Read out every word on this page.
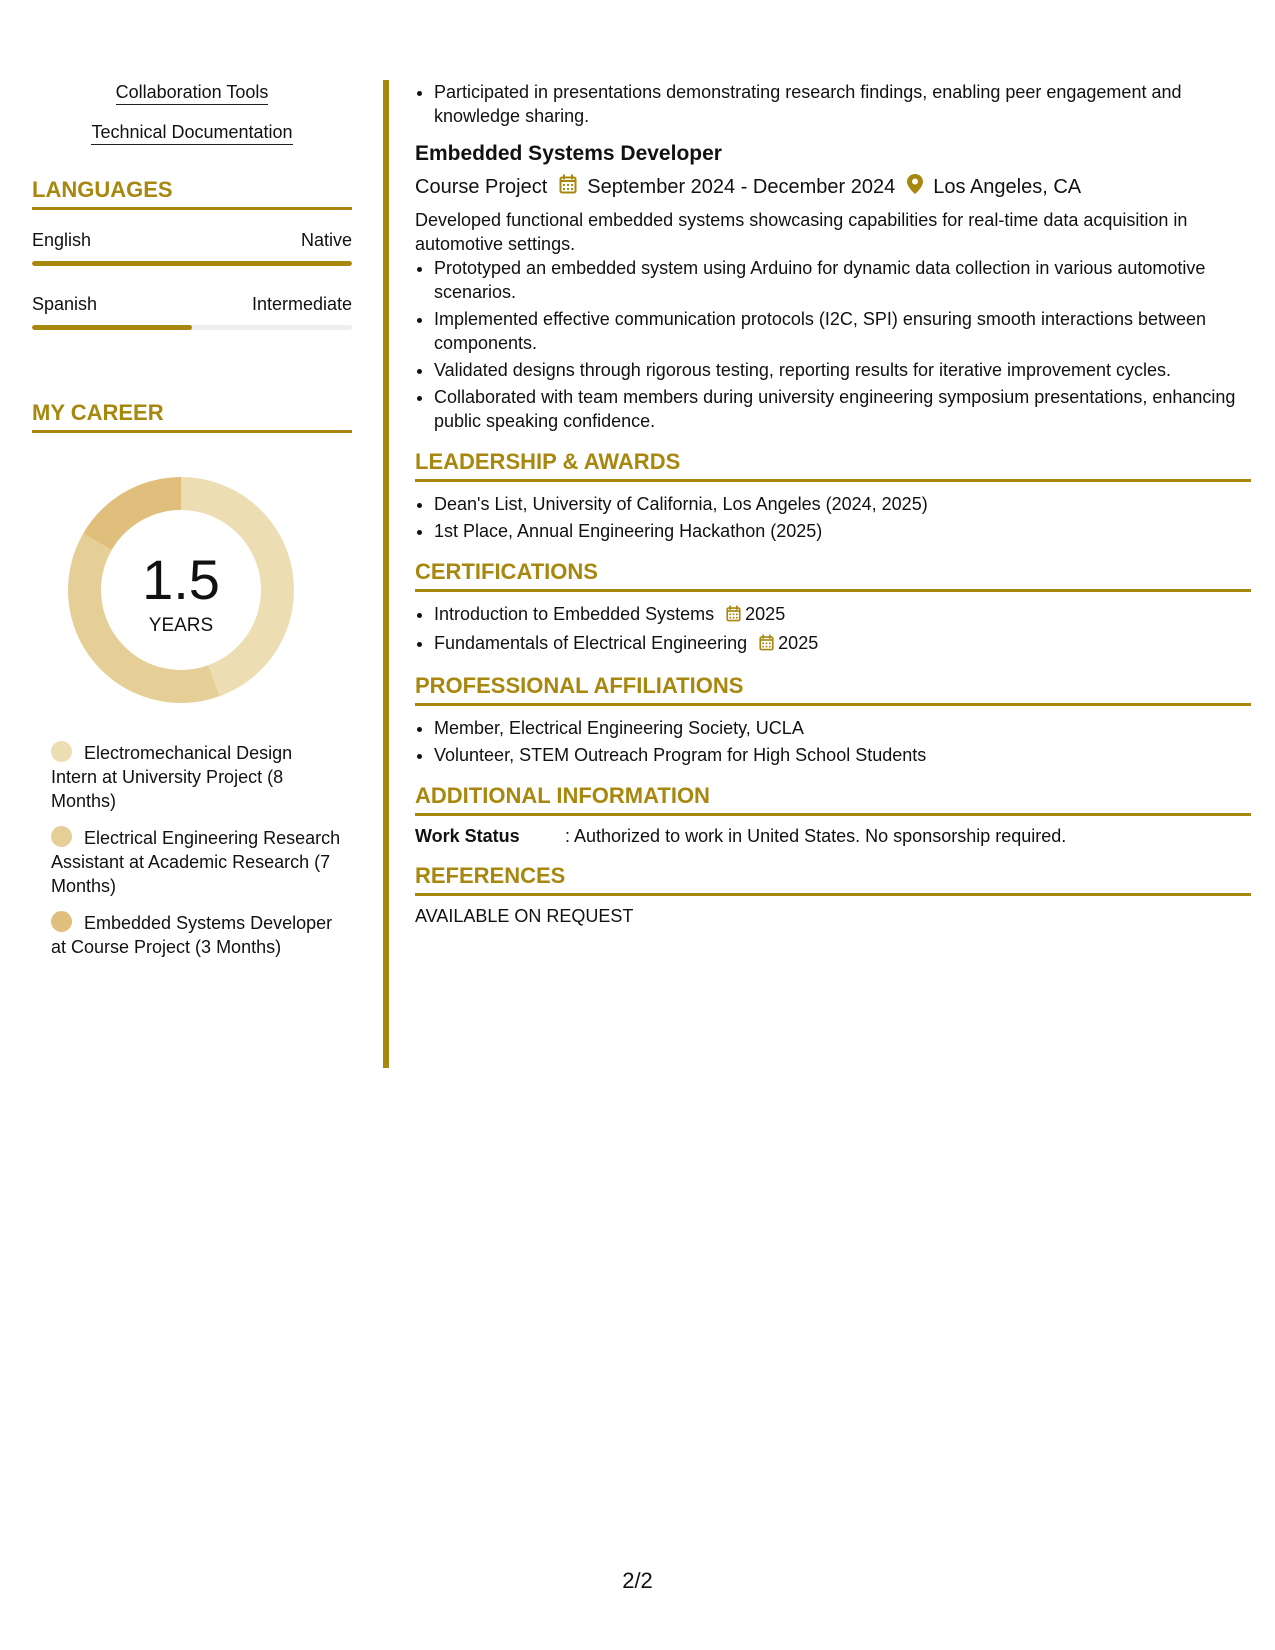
Collaboration Tools
Technical Documentation
LANGUAGES
English	Native
Spanish	Intermediate
MY CAREER
1.5
YEARS
Electromechanical Design Intern at University Project (8 Months)
Electrical Engineering Research Assistant at Academic Research (7 Months)
Embedded Systems Developer at Course Project (3 Months)
• Participated in presentations demonstrating research findings, enabling peer engagement and knowledge sharing.
Embedded Systems Developer
Course Project September 2024 - December 2024 Los Angeles, CA
Developed functional embedded systems showcasing capabilities for real-time data acquisition in automotive settings.
• Prototyped an embedded system using Arduino for dynamic data collection in various automotive scenarios.
• Implemented effective communication protocols (I2C, SPI) ensuring smooth interactions between components.
• Validated designs through rigorous testing, reporting results for iterative improvement cycles.
• Collaborated with team members during university engineering symposium presentations, enhancing public speaking confidence.
LEADERSHIP & AWARDS
• Dean's List, University of California, Los Angeles (2024, 2025)
• 1st Place, Annual Engineering Hackathon (2025)
CERTIFICATIONS
• Introduction to Embedded Systems 2025
• Fundamentals of Electrical Engineering 2025
PROFESSIONAL AFFILIATIONS
• Member, Electrical Engineering Society, UCLA
• Volunteer, STEM Outreach Program for High School Students
ADDITIONAL INFORMATION
Work Status	: Authorized to work in United States. No sponsorship required.
REFERENCES
AVAILABLE ON REQUEST
2/2
